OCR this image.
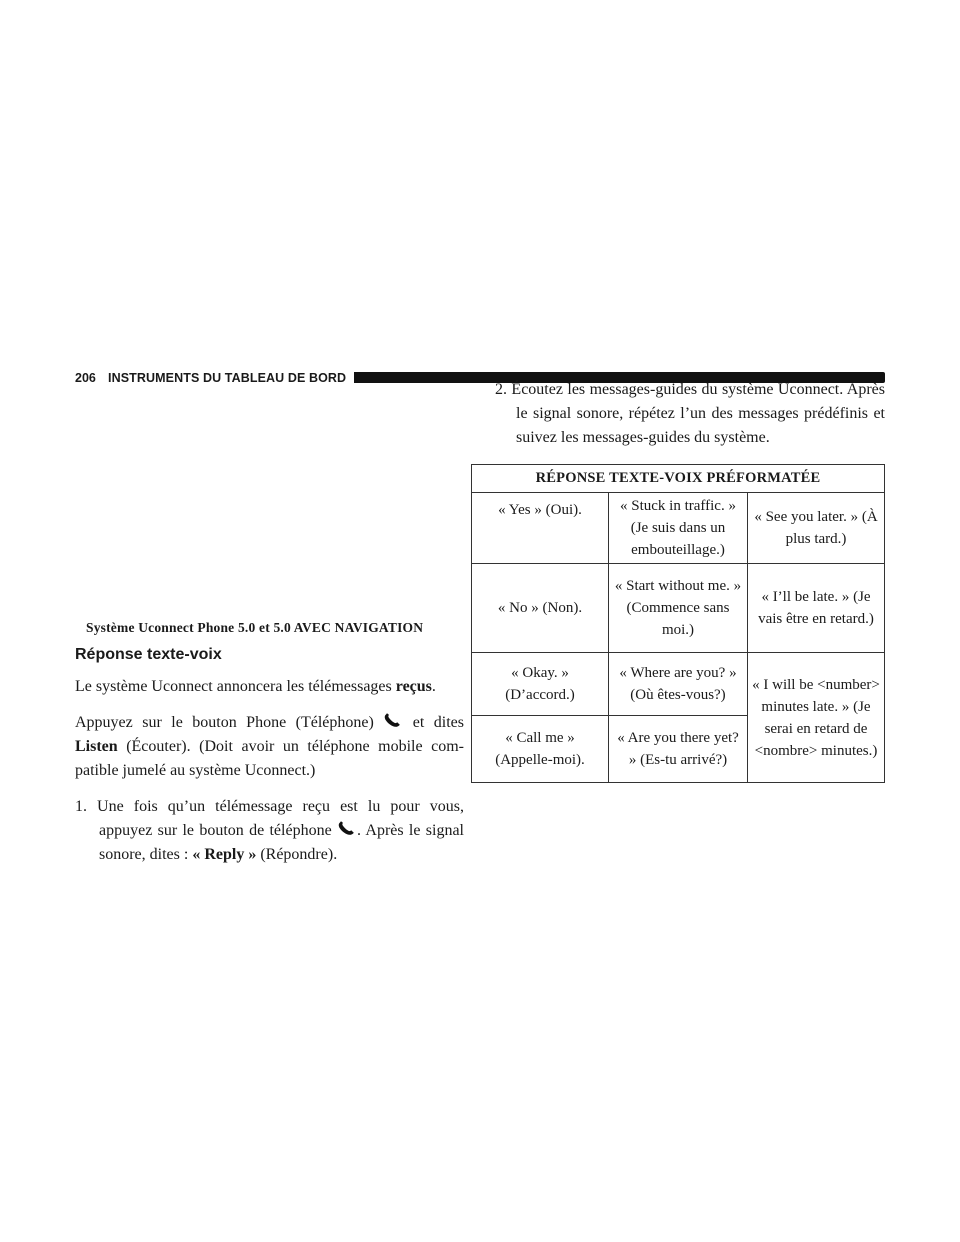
206 INSTRUMENTS DU TABLEAU DE BORD

Système Uconnect Phone 5.0 et 5.0 AVEC NAVIGATION

Réponse texte-voix

Le système Uconnect annoncera les télémessages reçus.

Appuyez sur le bouton Phone (Téléphone)
et dites Listen (Écouter). (Doit avoir un téléphone mobile compatible jumelé au système Uconnect.)

1. Une fois qu’un télémessage reçu est lu pour vous, appuyez sur le bouton de téléphone
. Après le signal sonore, dites : « Reply » (Répondre).

2. Écoutez les messages-guides du système Uconnect. Après le signal sonore, répétez l’un des messages prédéfinis et suivez les messages-guides du système.

RÉPONSE TEXTE-VOIX PRÉFORMATÉE		
« Yes » (Oui).	« Stuck in traffic. » (Je suis dans un embouteillage.)	« See you later. » (À plus tard.)
« No » (Non).	« Start without me. » (Commence sans moi.)	« I’ll be late. » (Je vais être en retard.)
« Okay. » (D’accord.)	« Where are you? » (Où êtes-vous?)	« I will be <number> minutes late. » (Je serai en retard de <nombre> minutes.)
« Call me » (Appelle-moi).	« Are you there yet? » (Es-tu arrivé?)	
